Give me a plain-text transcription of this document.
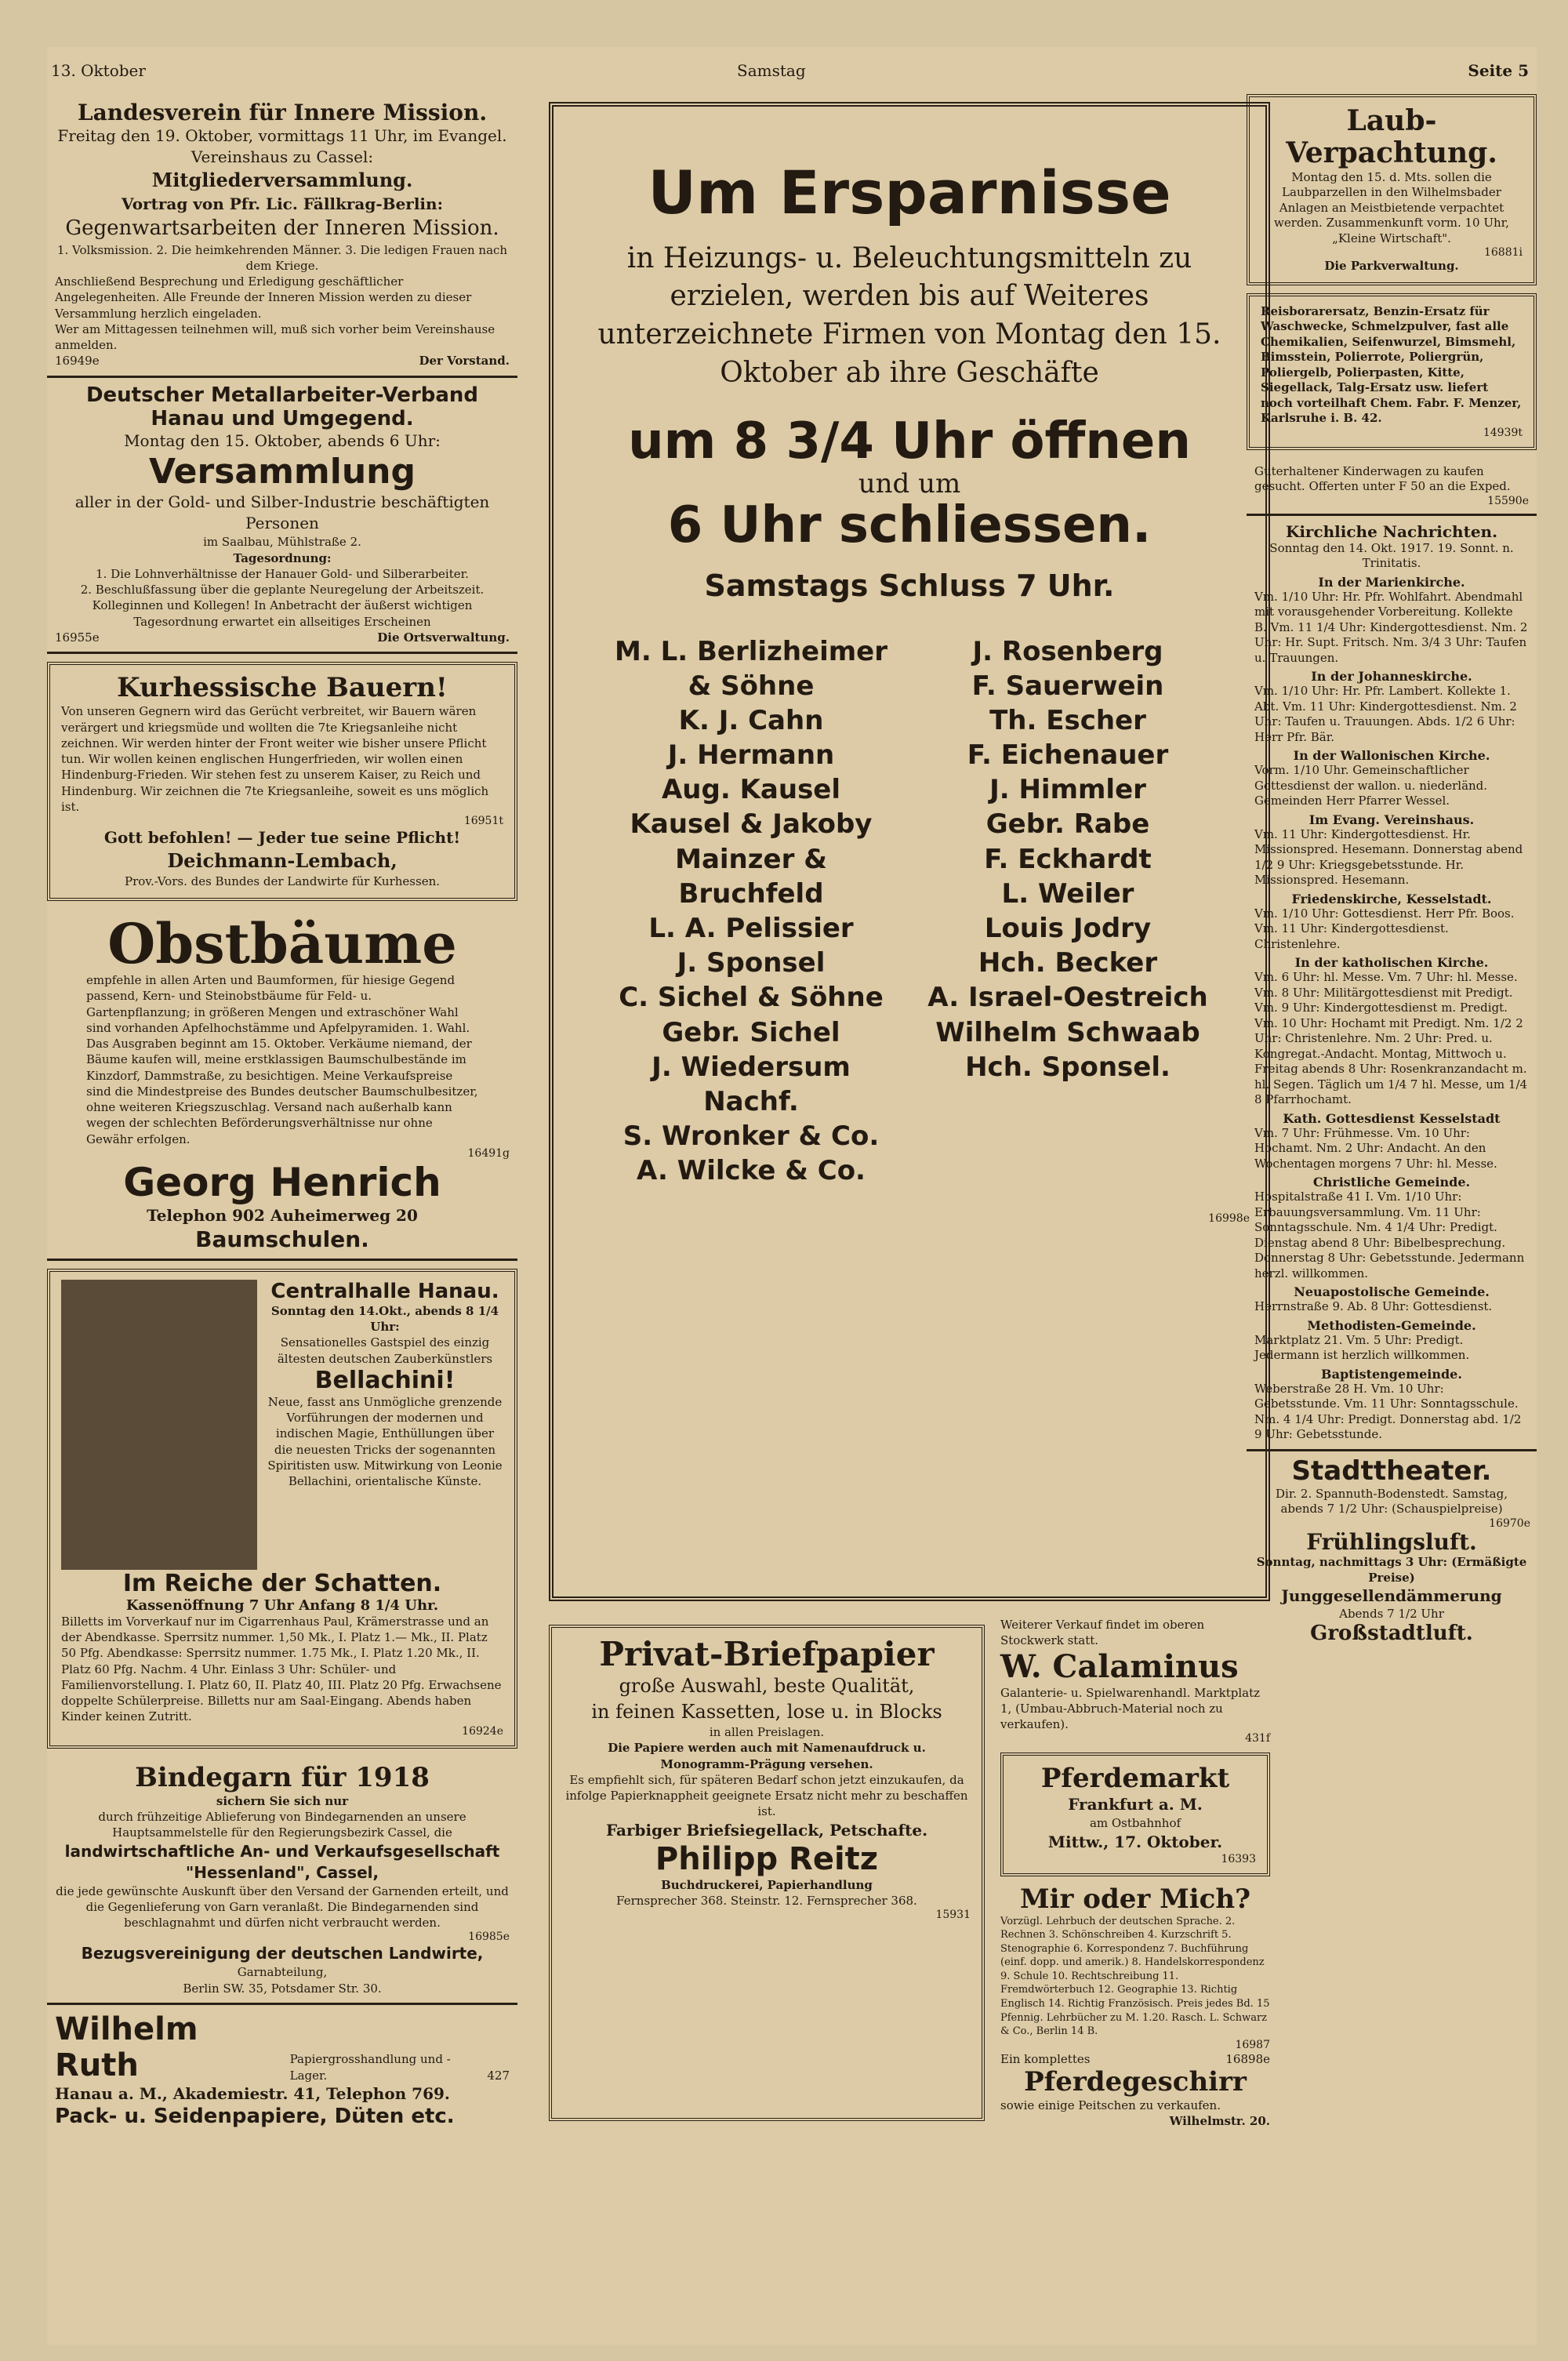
13. Oktober	Samstag	Seite 5
Landesverein für Innere Mission.
Freitag den 19. Oktober, vormittags 11 Uhr, im Evangel.
Vereinshaus zu Cassel:
Mitgliederversammlung.
Vortrag von Pfr. Lic. Fällkrag-Berlin:
Gegenwartsarbeiten der Inneren Mission.
1. Volksmission. 2. Die heimkehrenden Männer. 3. Die ledigen Frauen nach dem Kriege.
Anschließend Besprechung und Erledigung geschäftlicher Angelegenheiten. Alle Freunde der Inneren Mission werden zu dieser Versammlung herzlich eingeladen.
Wer am Mittagessen teilnehmen will, muß sich vorher beim Vereinshause anmelden.
16949e	Der Vorstand.
Deutscher Metallarbeiter-Verband Hanau und Umgegend.
Montag den 15. Oktober, abends 6 Uhr:
Versammlung
aller in der Gold- und Silber-Industrie beschäftigten Personen
im Saalbau, Mühlstraße 2.
Tagesordnung:
1. Die Lohnverhältnisse der Hanauer Gold- und Silberarbeiter.
2. Beschlußfassung über die geplante Neuregelung der Arbeitszeit.
Kolleginnen und Kollegen! In Anbetracht der äußerst wichtigen Tagesordnung erwartet ein allseitiges Erscheinen
16955e	Die Ortsverwaltung.
Kurhessische Bauern!
Von unseren Gegnern wird das Gerücht verbreitet, wir Bauern wären verärgert und kriegsmüde und wollten die 7te Kriegsanleihe nicht zeichnen. Wir werden hinter der Front weiter wie bisher unsere Pflicht tun. Wir wollen keinen englischen Hungerfrieden, wir wollen einen Hindenburg-Frieden. Wir stehen fest zu unserem Kaiser, zu Reich und Hindenburg. Wir zeichnen die 7te Kriegsanleihe, soweit es uns möglich ist.
16951t
Gott befohlen! — Jeder tue seine Pflicht!
Deichmann-Lembach,
Prov.-Vors. des Bundes der Landwirte für Kurhessen.
Obstbäume
empfehle in allen Arten und Baumformen, für hiesige Gegend passend, Kern- und Steinobstbäume für Feld- u. Gartenpflanzung; in größeren Mengen und extraschöner Wahl sind vorhanden Apfelhochstämme und Apfelpyramiden. 1. Wahl. Das Ausgraben beginnt am 15. Oktober. Verkäume niemand, der Bäume kaufen will, meine erstklassigen Baumschulbestände im Kinzdorf, Dammstraße, zu besichtigen. Meine Verkaufspreise sind die Mindestpreise des Bundes deutscher Baumschulbesitzer, ohne weiteren Kriegszuschlag. Versand nach außerhalb kann wegen der schlechten Beförderungsverhältnisse nur ohne Gewähr erfolgen.
16491g
Georg Henrich
Telephon 902 Auheimerweg 20
Baumschulen.
Centralhalle Hanau.
Sonntag den 14.Okt., abends 8 1/4 Uhr:
Sensationelles Gastspiel des einzig ältesten deutschen Zauberkünstlers
Bellachini!
Neue, fasst ans Unmögliche grenzende Vorführungen der modernen und indischen Magie, Enthüllungen über die neuesten Tricks der sogenannten Spiritisten usw. Mitwirkung von Leonie Bellachini, orientalische Künste.
Im Reiche der Schatten.
Kassenöffnung 7 Uhr Anfang 8 1/4 Uhr.
Billetts im Vorverkauf nur im Cigarrenhaus Paul, Krämerstrasse und an der Abendkasse. Sperrsitz nummer. 1,50 Mk., I. Platz 1.— Mk., II. Platz 50 Pfg. Abendkasse: Sperrsitz nummer. 1.75 Mk., I. Platz 1.20 Mk., II. Platz 60 Pfg. Nachm. 4 Uhr. Einlass 3 Uhr: Schüler- und Familienvorstellung. I. Platz 60, II. Platz 40, III. Platz 20 Pfg. Erwachsene doppelte Schülerpreise. Billetts nur am Saal-Eingang. Abends haben Kinder keinen Zutritt.
16924e
Bindegarn für 1918
sichern Sie sich nur
durch frühzeitige Ablieferung von Bindegarnenden an unsere Hauptsammelstelle für den Regierungsbezirk Cassel, die
landwirtschaftliche An- und Verkaufsgesellschaft "Hessenland", Cassel,
die jede gewünschte Auskunft über den Versand der Garnenden erteilt, und die Gegenlieferung von Garn veranlaßt. Die Bindegarnenden sind beschlagnahmt und dürfen nicht verbraucht werden.
16985e
Bezugsvereinigung der deutschen Landwirte,
Garnabteilung,
Berlin SW. 35, Potsdamer Str. 30.
Wilhelm Ruth	Papiergrosshandlung und -Lager.	427
Hanau a. M., Akademiestr. 41, Telephon 769.
Pack- u. Seidenpapiere, Düten etc.
Um Ersparnisse
in Heizungs- u. Beleuchtungsmitteln zu erzielen, werden bis auf Weiteres unterzeichnete Firmen von Montag den 15. Oktober ab ihre Geschäfte
um 8 3/4 Uhr öffnen
und um
6 Uhr schliessen.
Samstags Schluss 7 Uhr.
M. L. Berlizheimer & Söhne
K. J. Cahn
J. Hermann
Aug. Kausel
Kausel & Jakoby
Mainzer & Bruchfeld
L. A. Pelissier
J. Sponsel
C. Sichel & Söhne
Gebr. Sichel
J. Wiedersum Nachf.
S. Wronker & Co.
A. Wilcke & Co.
J. Rosenberg
F. Sauerwein
Th. Escher
F. Eichenauer
J. Himmler
Gebr. Rabe
F. Eckhardt
L. Weiler
Louis Jodry
Hch. Becker
A. Israel-Oestreich
Wilhelm Schwaab
Hch. Sponsel.
16998e
Privat-Briefpapier
große Auswahl, beste Qualität,
in feinen Kassetten, lose u. in Blocks
in allen Preislagen.
Die Papiere werden auch mit Namenaufdruck u. Monogramm-Prägung versehen.
Es empfiehlt sich, für späteren Bedarf schon jetzt einzukaufen, da infolge Papierknappheit geeignete Ersatz nicht mehr zu beschaffen ist.
Farbiger Briefsiegellack, Petschafte.
Philipp Reitz
Buchdruckerei, Papierhandlung
Fernsprecher 368. Steinstr. 12. Fernsprecher 368.
15931
Weiterer Verkauf findet im oberen Stockwerk statt.
W. Calaminus
Galanterie- u. Spielwarenhandl. Marktplatz 1, (Umbau-Abbruch-Material noch zu verkaufen).
431f
Pferdemarkt
Frankfurt a. M.
am Ostbahnhof
Mittw., 17. Oktober.
16393
Mir oder Mich?
Vorzügl. Lehrbuch der deutschen Sprache. 2. Rechnen 3. Schönschreiben 4. Kurzschrift 5. Stenographie 6. Korrespondenz 7. Buchführung (einf. dopp. und amerik.) 8. Handelskorrespondenz 9. Schule 10. Rechtschreibung 11. Fremdwörterbuch 12. Geographie 13. Richtig Englisch 14. Richtig Französisch. Preis jedes Bd. 15 Pfennig. Lehrbücher zu M. 1.20. Rasch. L. Schwarz & Co., Berlin 14 B.
16987
Ein komplettes	16898e
Pferdegeschirr
sowie einige Peitschen zu verkaufen.
Wilhelmstr. 20.
Laub-Verpachtung.
Montag den 15. d. Mts. sollen die Laubparzellen in den Wilhelmsbader Anlagen an Meistbietende verpachtet werden. Zusammenkunft vorm. 10 Uhr, „Kleine Wirtschaft".
16881i
Die Parkverwaltung.
Reisborarersatz, Benzin-Ersatz für Waschwecke, Schmelzpulver, fast alle Chemikalien, Seifenwurzel, Bimsmehl, Bimsstein, Polierrote, Poliergrün, Poliergelb, Polierpasten, Kitte, Siegellack, Talg-Ersatz usw. liefert noch vorteilhaft Chem. Fabr. F. Menzer, Karlsruhe i. B. 42.
14939t
Guterhaltener Kinderwagen zu kaufen gesucht. Offerten unter F 50 an die Exped.
15590e
Kirchliche Nachrichten.
Sonntag den 14. Okt. 1917. 19. Sonnt. n. Trinitatis.
In der Marienkirche.
Vm. 1/10 Uhr: Hr. Pfr. Wohlfahrt. Abendmahl mit vorausgehender Vorbereitung. Kollekte B. Vm. 11 1/4 Uhr: Kindergottesdienst. Nm. 2 Uhr: Hr. Supt. Fritsch. Nm. 3/4 3 Uhr: Taufen u. Trauungen.
In der Johanneskirche.
Vm. 1/10 Uhr: Hr. Pfr. Lambert. Kollekte 1. Abt. Vm. 11 Uhr: Kindergottesdienst. Nm. 2 Uhr: Taufen u. Trauungen. Abds. 1/2 6 Uhr: Herr Pfr. Bär.
In der Wallonischen Kirche.
Vorm. 1/10 Uhr. Gemeinschaftlicher Gottesdienst der wallon. u. niederländ. Gemeinden Herr Pfarrer Wessel.
Im Evang. Vereinshaus.
Vm. 11 Uhr: Kindergottesdienst. Hr. Missionspred. Hesemann. Donnerstag abend 1/2 9 Uhr: Kriegsgebetsstunde. Hr. Missionspred. Hesemann.
Friedenskirche, Kesselstadt.
Vm. 1/10 Uhr: Gottesdienst. Herr Pfr. Boos. Vm. 11 Uhr: Kindergottesdienst. Christenlehre.
In der katholischen Kirche.
Vm. 6 Uhr: hl. Messe. Vm. 7 Uhr: hl. Messe. Vm. 8 Uhr: Militärgottesdienst mit Predigt. Vm. 9 Uhr: Kindergottesdienst m. Predigt. Vm. 10 Uhr: Hochamt mit Predigt. Nm. 1/2 2 Uhr: Christenlehre. Nm. 2 Uhr: Pred. u. Kongregat.-Andacht. Montag, Mittwoch u. Freitag abends 8 Uhr: Rosenkranzandacht m. hl. Segen. Täglich um 1/4 7 hl. Messe, um 1/4 8 Pfarrhochamt.
Kath. Gottesdienst Kesselstadt
Vm. 7 Uhr: Frühmesse. Vm. 10 Uhr: Hochamt. Nm. 2 Uhr: Andacht. An den Wochentagen morgens 7 Uhr: hl. Messe.
Christliche Gemeinde.
Hospitalstraße 41 I. Vm. 1/10 Uhr: Erbauungsversammlung. Vm. 11 Uhr: Sonntagsschule. Nm. 4 1/4 Uhr: Predigt. Dienstag abend 8 Uhr: Bibelbesprechung. Donnerstag 8 Uhr: Gebetsstunde. Jedermann herzl. willkommen.
Neuapostolische Gemeinde.
Herrnstraße 9. Ab. 8 Uhr: Gottesdienst.
Methodisten-Gemeinde.
Marktplatz 21. Vm. 5 Uhr: Predigt. Jedermann ist herzlich willkommen.
Baptistengemeinde.
Weberstraße 28 H. Vm. 10 Uhr: Gebetsstunde. Vm. 11 Uhr: Sonntagsschule. Nm. 4 1/4 Uhr: Predigt. Donnerstag abd. 1/2 9 Uhr: Gebetsstunde.
Stadttheater.
Dir. 2. Spannuth-Bodenstedt. Samstag, abends 7 1/2 Uhr: (Schauspielpreise)
16970e
Frühlingsluft.
Sonntag, nachmittags 3 Uhr: (Ermäßigte Preise)
Junggesellendämmerung
Abends 7 1/2 Uhr
Großstadtluft.
